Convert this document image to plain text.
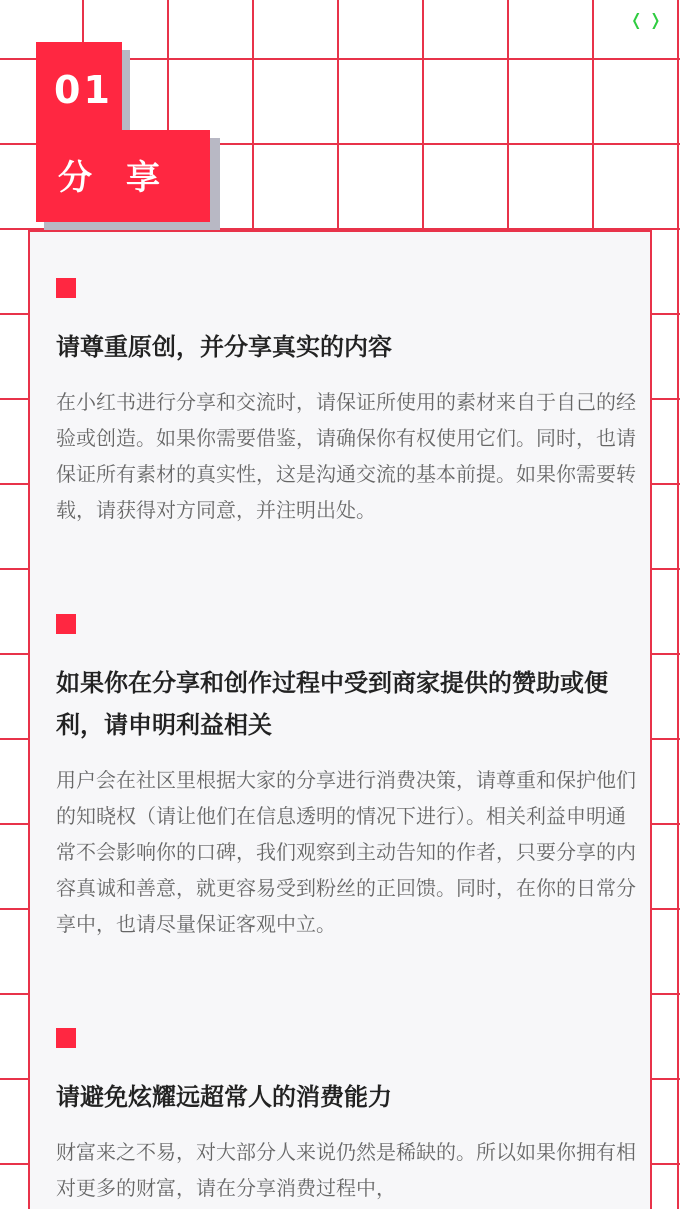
❬ ❭
01
分享
请尊重原创，并分享真实的内容
在小红书进行分享和交流时，请保证所使用的素材来自于自己的经验或创造。如果你需要借鉴，请确保你有权使用它们。同时，也请保证所有素材的真实性，这是沟通交流的基本前提。如果你需要转载，请获得对方同意，并注明出处。
如果你在分享和创作过程中受到商家提供的赞助或便利，请申明利益相关
用户会在社区里根据大家的分享进行消费决策，请尊重和保护他们的知晓权（请让他们在信息透明的情况下进行）。相关利益申明通常不会影响你的口碑，我们观察到主动告知的作者，只要分享的内容真诚和善意，就更容易受到粉丝的正回馈。同时，在你的日常分享中，也请尽量保证客观中立。
请避免炫耀远超常人的消费能力
财富来之不易，对大部分人来说仍然是稀缺的。所以如果你拥有相对更多的财富，请在分享消费过程中，
